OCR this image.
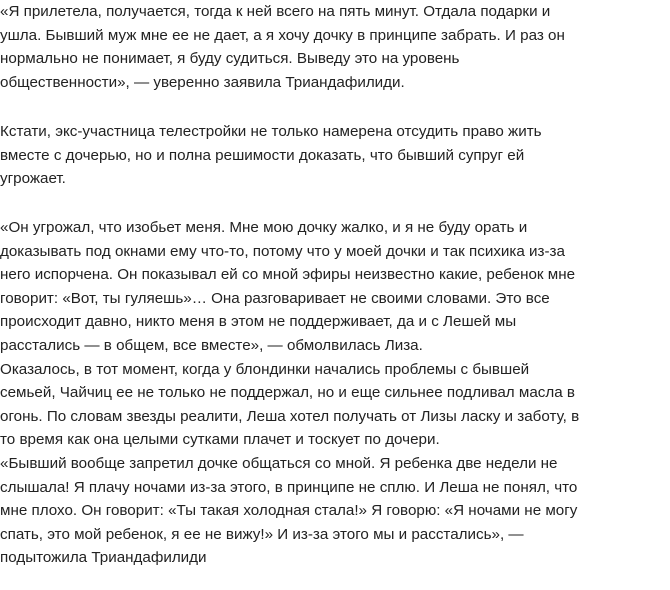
«Я прилетела, получается, тогда к ней всего на пять минут. Отдала подарки и
ушла. Бывший муж мне ее не дает, а я хочу дочку в принципе забрать. И раз он
нормально не понимает, я буду судиться. Выведу это на уровень
общественности», — уверенно заявила Триандафилиди.
Кстати, экс-участница телестройки не только намерена отсудить право жить
вместе с дочерью, но и полна решимости доказать, что бывший супруг ей
угрожает.
«Он угрожал, что изобьет меня. Мне мою дочку жалко, и я не буду орать и
доказывать под окнами ему что-то, потому что у моей дочки и так психика из-за
него испорчена. Он показывал ей со мной эфиры неизвестно какие, ребенок мне
говорит: «Вот, ты гуляешь»… Она разговаривает не своими словами. Это все
происходит давно, никто меня в этом не поддерживает, да и с Лешей мы
расстались — в общем, все вместе», — обмолвилась Лиза.
Оказалось, в тот момент, когда у блондинки начались проблемы с бывшей
семьей, Чайчиц ее не только не поддержал, но и еще сильнее подливал масла в
огонь. По словам звезды реалити, Леша хотел получать от Лизы ласку и заботу, в
то время как она целыми сутками плачет и тоскует по дочери.
«Бывший вообще запретил дочке общаться со мной. Я ребенка две недели не
слышала! Я плачу ночами из-за этого, в принципе не сплю. И Леша не понял, что
мне плохо. Он говорит: «Ты такая холодная стала!» Я говорю: «Я ночами не могу
спать, это мой ребенок, я ее не вижу!» И из-за этого мы и расстались», —
подытожила Триандафилиди
